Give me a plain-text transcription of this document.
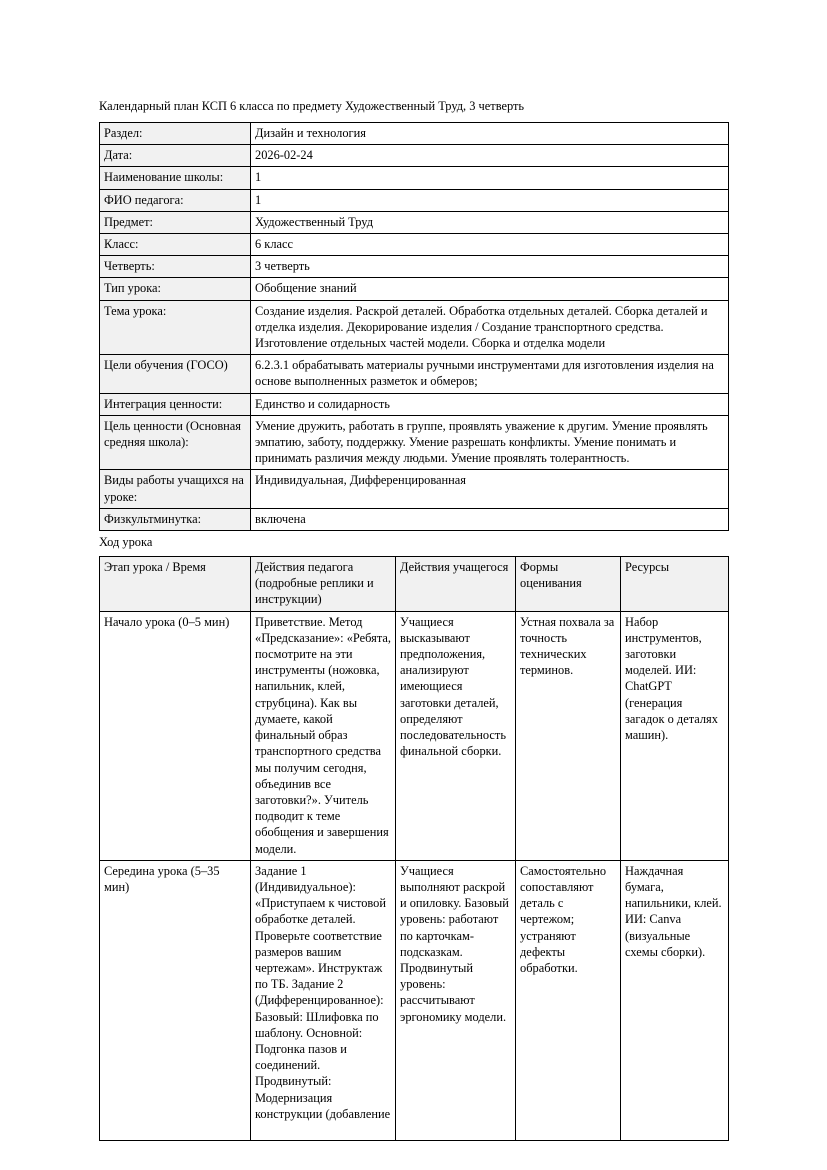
Календарный план КСП 6 класса по предмету Художественный Труд, 3 четверть

Раздел:	Дизайн и технология
Дата:	2026-02-24
Наименование школы:	1
ФИО педагога:	1
Предмет:	Художественный Труд
Класс:	6 класс
Четверть:	3 четверть
Тип урока:	Обобщение знаний
Тема урока:	Создание изделия. Раскрой деталей. Обработка отдельных деталей. Сборка деталей и отделка изделия. Декорирование изделия / Создание транспортного средства. Изготовление отдельных частей модели. Сборка и отделка модели
Цели обучения (ГОСО)	6.2.3.1 обрабатывать материалы ручными инструментами для изготовления изделия на основе выполненных разметок и обмеров;
Интеграция ценности:	Единство и солидарность
Цель ценности (Основная средняя школа):	Умение дружить, работать в группе, проявлять уважение к другим. Умение проявлять эмпатию, заботу, поддержку. Умение разрешать конфликты. Умение понимать и принимать различия между людьми. Умение проявлять толерантность.
Виды работы учащихся на уроке:	Индивидуальная, Дифференцированная
Физкультминутка:	включена

Ход урока

Этап урока / Время	Действия педагога (подробные реплики и инструкции)	Действия учащегося	Формы оценивания	Ресурсы
Начало урока (0–5 мин)	Приветствие. Метод «Предсказание»: «Ребята, посмотрите на эти инструменты (ножовка, напильник, клей, струбцина). Как вы думаете, какой финальный образ транспортного средства мы получим сегодня, объединив все заготовки?». Учитель подводит к теме обобщения и завершения модели.	Учащиеся высказывают предположения, анализируют имеющиеся заготовки деталей, определяют последовательность финальной сборки.	Устная похвала за точность технических терминов.	Набор инструментов, заготовки моделей. ИИ: ChatGPT (генерация загадок о деталях машин).
Середина урока (5–35 мин)	Задание 1 (Индивидуальное): «Приступаем к чистовой обработке деталей. Проверьте соответствие размеров вашим чертежам». Инструктаж по ТБ. Задание 2 (Дифференцированное): Базовый: Шлифовка по шаблону. Основной: Подгонка пазов и соединений. Продвинутый: Модернизация конструкции (добавление	Учащиеся выполняют раскрой и опиловку. Базовый уровень: работают по карточкам-подсказкам. Продвинутый уровень: рассчитывают эргономику модели.	Самостоятельно сопоставляют деталь с чертежом; устраняют дефекты обработки.	Наждачная бумага, напильники, клей. ИИ: Canva (визуальные схемы сборки).
